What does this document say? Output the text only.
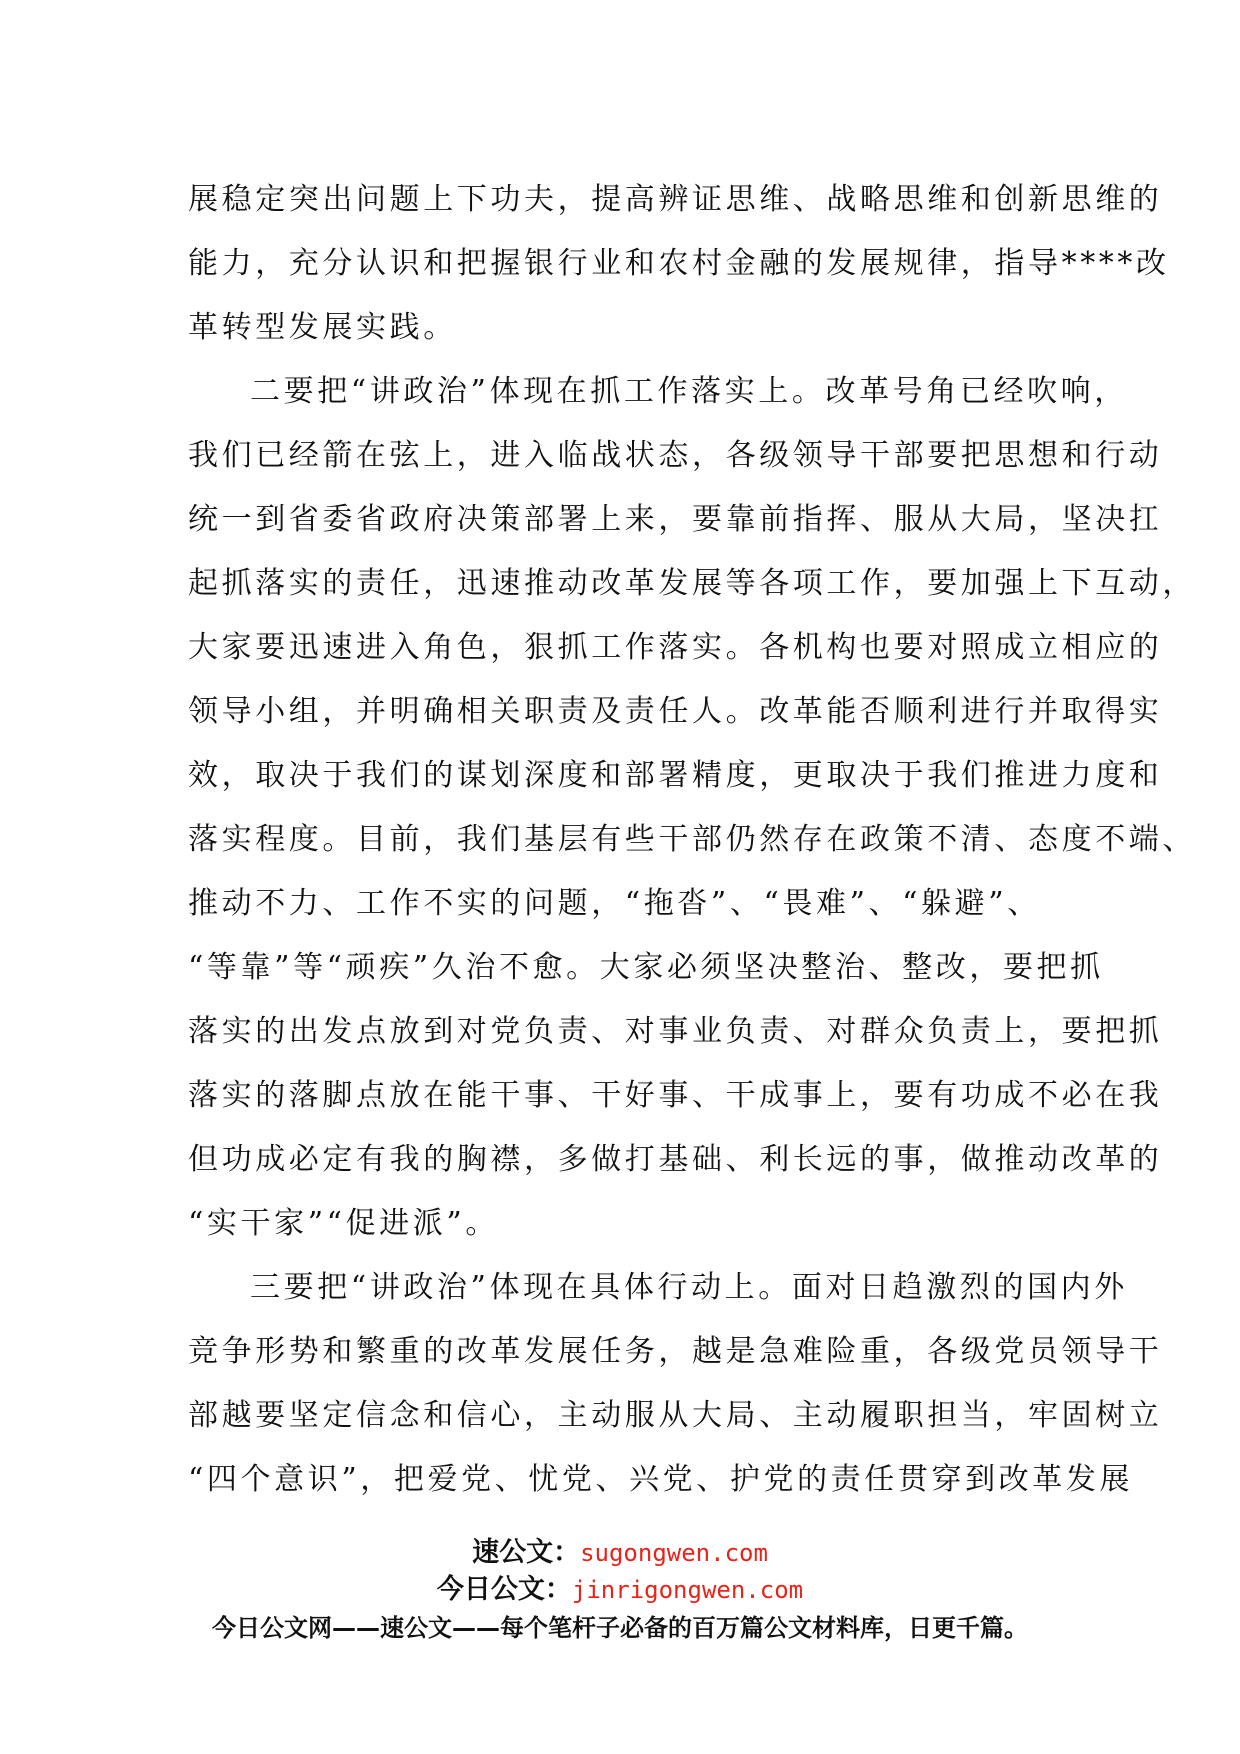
展稳定突出问题上下功夫，提高辨证思维、战略思维和创新思维的
能力，充分认识和把握银行业和农村金融的发展规律，指导****改
革转型发展实践。
二要把“讲政治”体现在抓工作落实上。改革号角已经吹响，
我们已经箭在弦上，进入临战状态，各级领导干部要把思想和行动
统一到省委省政府决策部署上来，要靠前指挥、服从大局，坚决扛
起抓落实的责任，迅速推动改革发展等各项工作，要加强上下互动，
大家要迅速进入角色，狠抓工作落实。各机构也要对照成立相应的
领导小组，并明确相关职责及责任人。改革能否顺利进行并取得实
效，取决于我们的谋划深度和部署精度，更取决于我们推进力度和
落实程度。目前，我们基层有些干部仍然存在政策不清、态度不端、
推动不力、工作不实的问题，“拖沓”、“畏难”、“躲避”、
“等靠”等“顽疾”久治不愈。大家必须坚决整治、整改，要把抓
落实的出发点放到对党负责、对事业负责、对群众负责上，要把抓
落实的落脚点放在能干事、干好事、干成事上，要有功成不必在我
但功成必定有我的胸襟，多做打基础、利长远的事，做推动改革的
“实干家”“促进派”。
三要把“讲政治”体现在具体行动上。面对日趋激烈的国内外
竞争形势和繁重的改革发展任务，越是急难险重，各级党员领导干
部越要坚定信念和信心，主动服从大局、主动履职担当，牢固树立
“四个意识”，把爱党、忧党、兴党、护党的责任贯穿到改革发展
速公文：sugongwen.com
今日公文：jinrigongwen.com
今日公文网——速公文——每个笔杆子必备的百万篇公文材料库，日更千篇。
